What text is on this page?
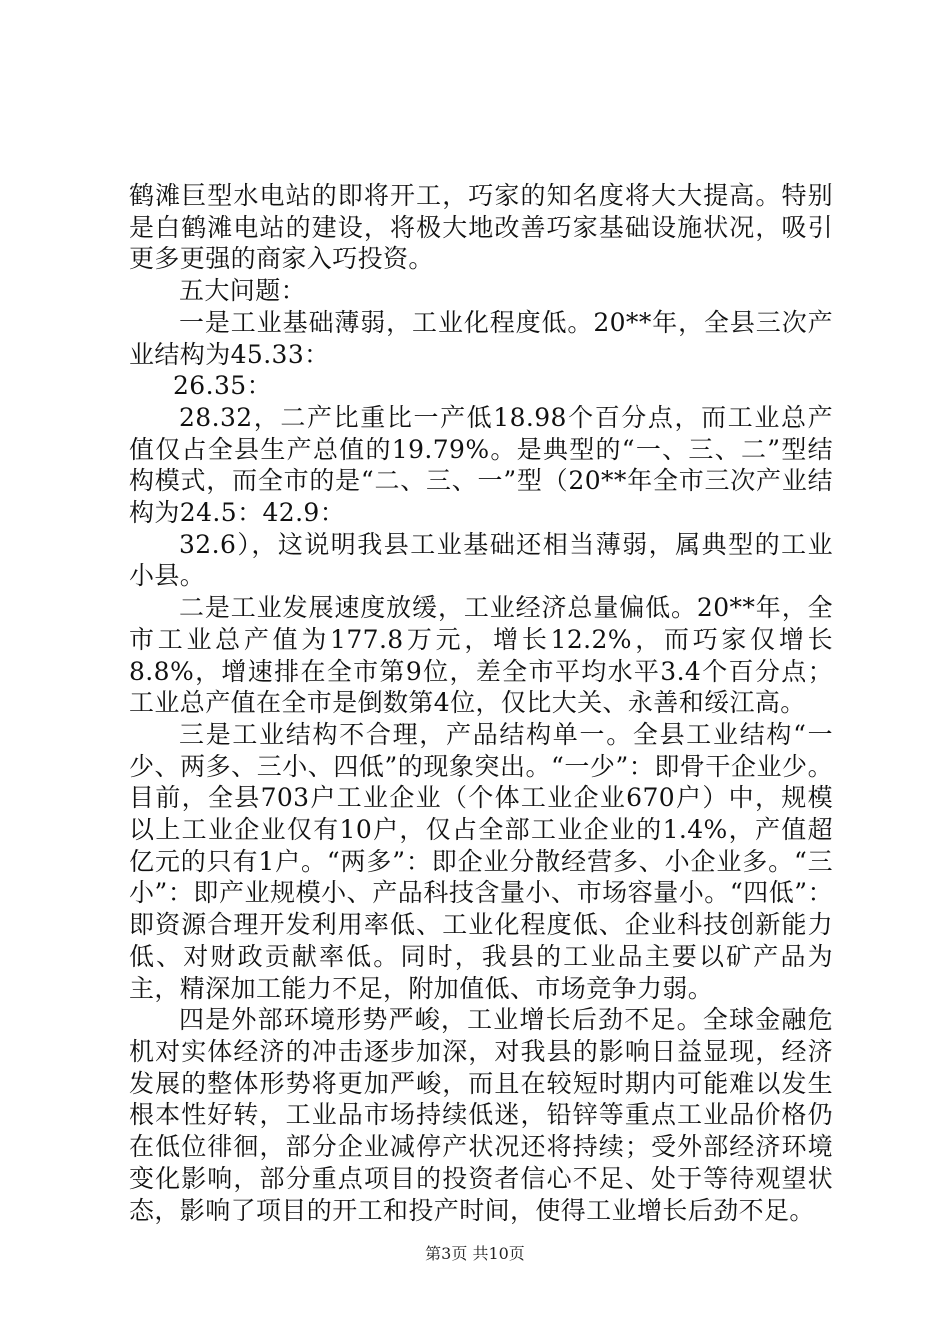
鹤滩巨型水电站的即将开工，巧家的知名度将大大提高。特别是白鹤滩电站的建设，将极大地改善巧家基础设施状况，吸引更多更强的商家入巧投资。

五大问题：

一是工业基础薄弱，工业化程度低。20**年，全县三次产业结构为45.33：

26.35：

28.32，二产比重比一产低18.98个百分点，而工业总产值仅占全县生产总值的19.79%。是典型的“一、三、二”型结构模式，而全市的是“二、三、一”型（20**年全市三次产业结构为24.5：42.9：

32.6），这说明我县工业基础还相当薄弱，属典型的工业小县。

二是工业发展速度放缓，工业经济总量偏低。20**年，全市工业总产值为177.8万元，增长12.2%，而巧家仅增长8.8%，增速排在全市第9位，差全市平均水平3.4个百分点；工业总产值在全市是倒数第4位，仅比大关、永善和绥江高。

三是工业结构不合理，产品结构单一。全县工业结构“一少、两多、三小、四低”的现象突出。“一少”：即骨干企业少。目前，全县703户工业企业（个体工业企业670户）中，规模以上工业企业仅有10户，仅占全部工业企业的1.4%，产值超亿元的只有1户。“两多”：即企业分散经营多、小企业多。“三小”：即产业规模小、产品科技含量小、市场容量小。“四低”：即资源合理开发利用率低、工业化程度低、企业科技创新能力低、对财政贡献率低。同时，我县的工业品主要以矿产品为主，精深加工能力不足，附加值低、市场竞争力弱。

四是外部环境形势严峻，工业增长后劲不足。全球金融危机对实体经济的冲击逐步加深，对我县的影响日益显现，经济发展的整体形势将更加严峻，而且在较短时期内可能难以发生根本性好转，工业品市场持续低迷，铅锌等重点工业品价格仍在低位徘徊，部分企业减停产状况还将持续；受外部经济环境变化影响，部分重点项目的投资者信心不足、处于等待观望状态，影响了项目的开工和投产时间，使得工业增长后劲不足。

第3页 共10页
